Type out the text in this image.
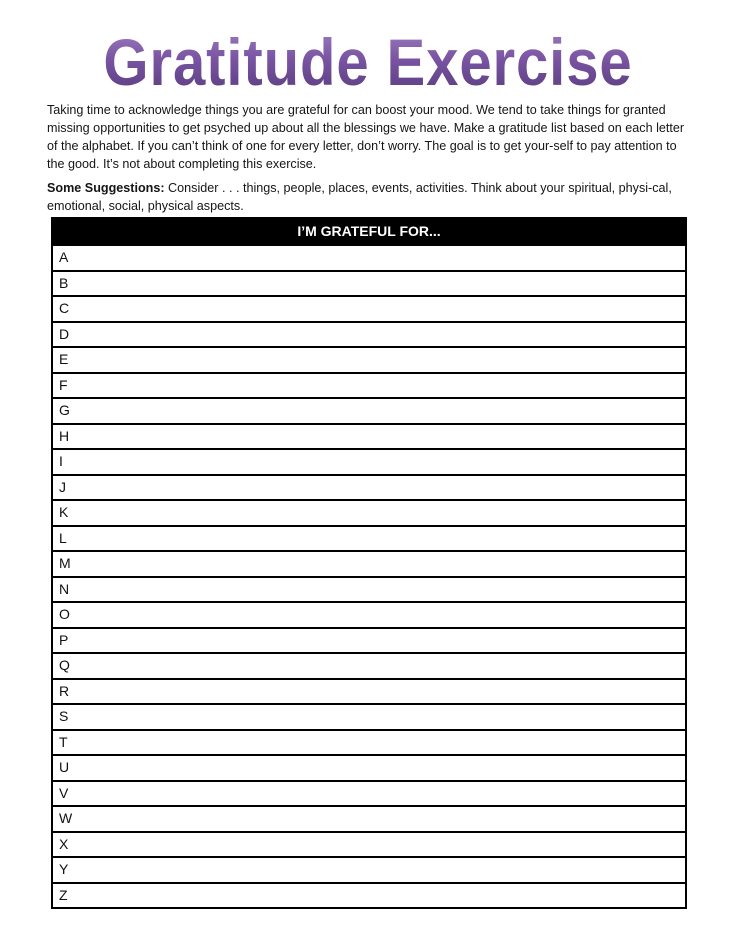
Gratitude Exercise

Taking time to acknowledge things you are grateful for can boost your mood. We tend to take things for granted missing opportunities to get psyched up about all the blessings we have. Make a gratitude list based on each letter of the alphabet. If you can’t think of one for every letter, don’t worry. The goal is to get your-self to pay attention to the good. It’s not about completing this exercise.

Some Suggestions: Consider . . . things, people, places, events, activities. Think about your spiritual, physi-cal, emotional, social, physical aspects.

I’M GRATEFUL FOR...
A
B
C
D
E
F
G
H
I
J
K
L
M
N
O
P
Q
R
S
T
U
V
W
X
Y
Z
